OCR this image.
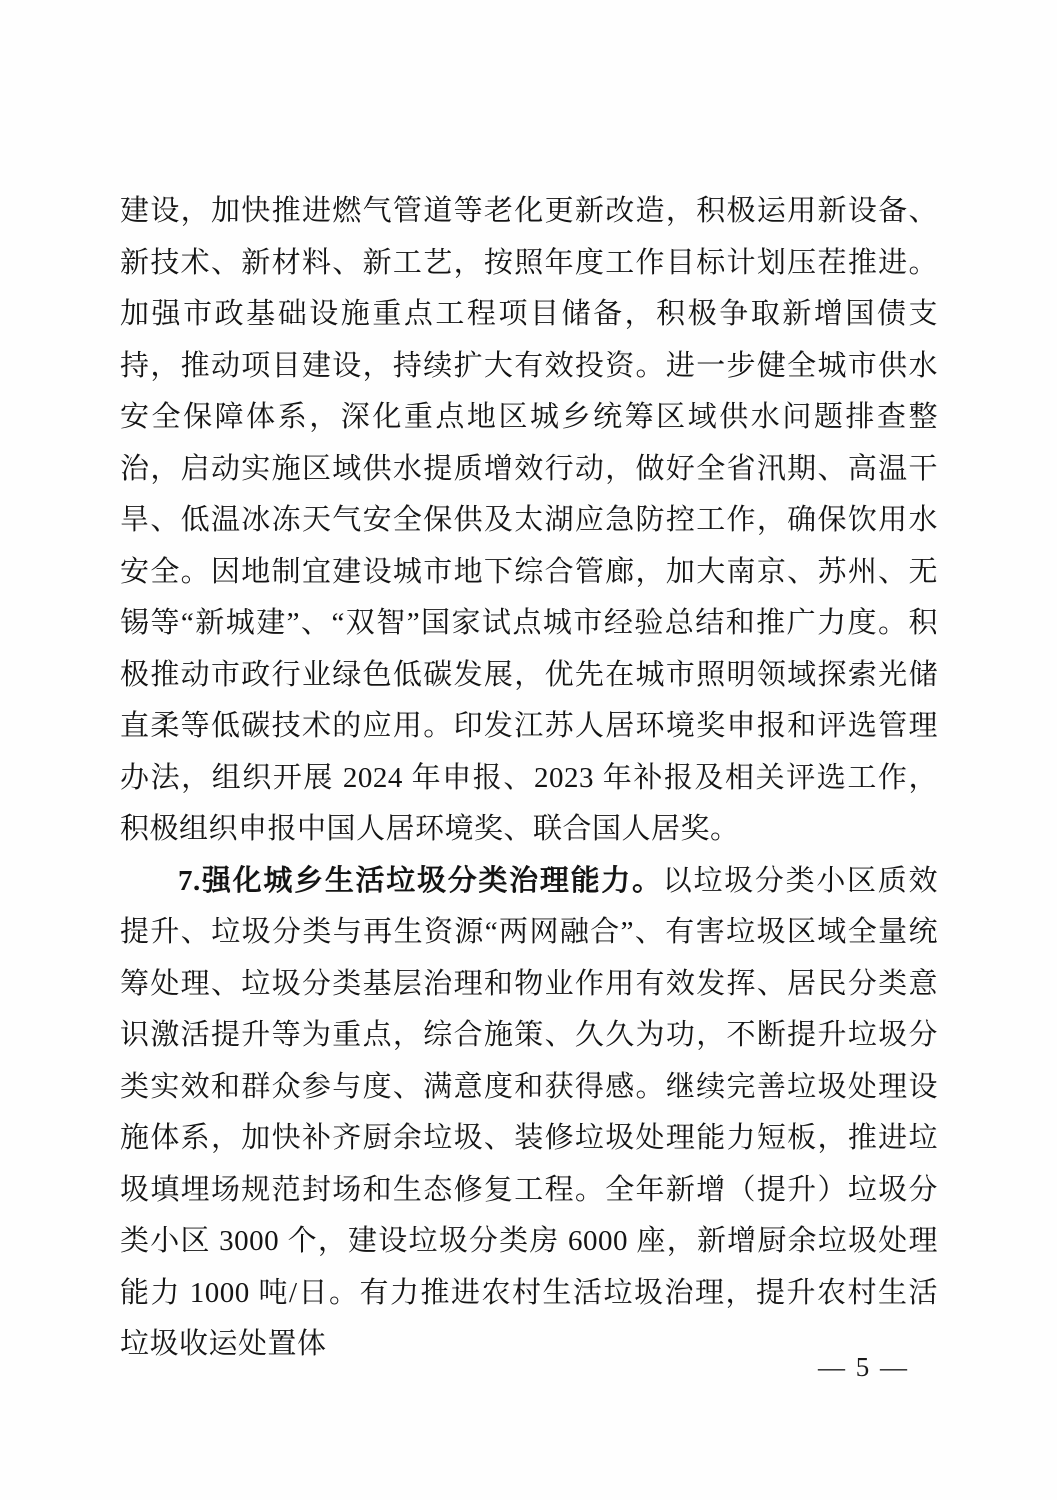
建设，加快推进燃气管道等老化更新改造，积极运用新设备、新技术、新材料、新工艺，按照年度工作目标计划压茬推进。加强市政基础设施重点工程项目储备，积极争取新增国债支持，推动项目建设，持续扩大有效投资。进一步健全城市供水安全保障体系，深化重点地区城乡统筹区域供水问题排查整治，启动实施区域供水提质增效行动，做好全省汛期、高温干旱、低温冰冻天气安全保供及太湖应急防控工作，确保饮用水安全。因地制宜建设城市地下综合管廊，加大南京、苏州、无锡等“新城建”、“双智”国家试点城市经验总结和推广力度。积极推动市政行业绿色低碳发展，优先在城市照明领域探索光储直柔等低碳技术的应用。印发江苏人居环境奖申报和评选管理办法，组织开展 2024 年申报、2023 年补报及相关评选工作，积极组织申报中国人居环境奖、联合国人居奖。

7.强化城乡生活垃圾分类治理能力。以垃圾分类小区质效提升、垃圾分类与再生资源“两网融合”、有害垃圾区域全量统筹处理、垃圾分类基层治理和物业作用有效发挥、居民分类意识激活提升等为重点，综合施策、久久为功，不断提升垃圾分类实效和群众参与度、满意度和获得感。继续完善垃圾处理设施体系，加快补齐厨余垃圾、装修垃圾处理能力短板，推进垃圾填埋场规范封场和生态修复工程。全年新增（提升）垃圾分类小区 3000 个，建设垃圾分类房 6000 座，新增厨余垃圾处理能力 1000 吨/日。有力推进农村生活垃圾治理，提升农村生活垃圾收运处置体

— 5 —
